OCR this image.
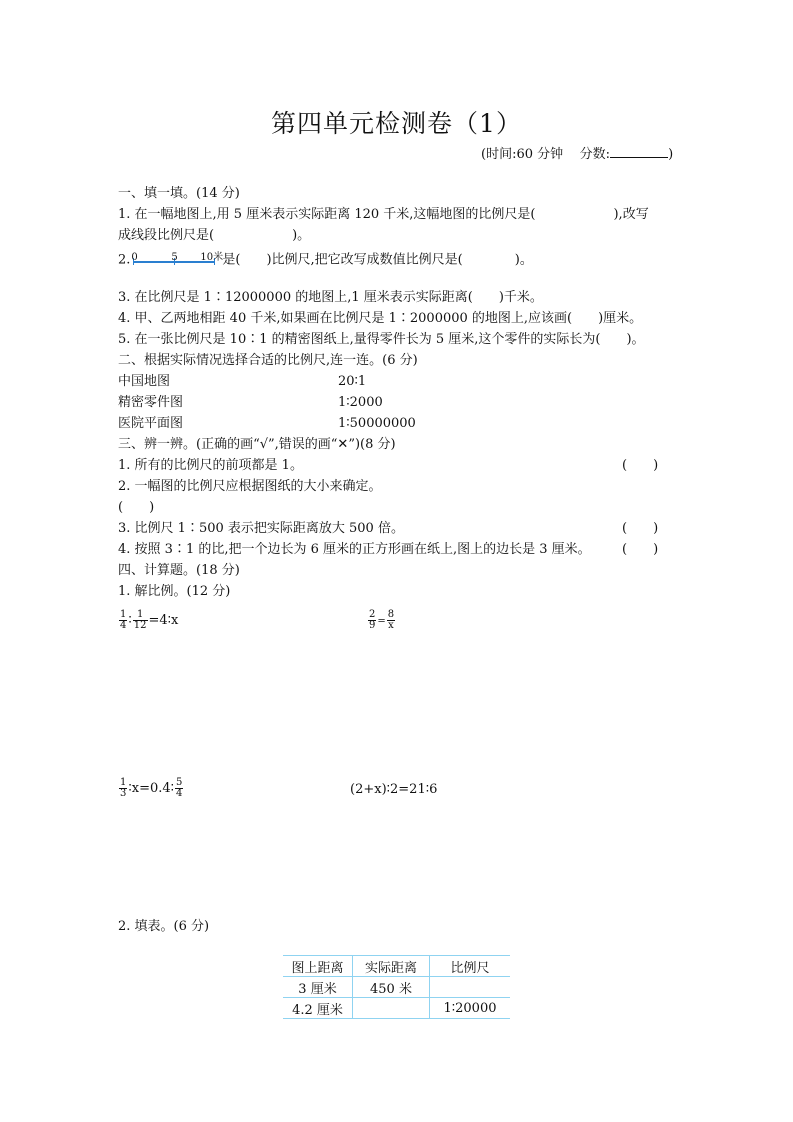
第四单元检测卷（1）
(时间:60 分钟 分数:	)
一、填一填。(14 分)
1. 在一幅地图上,用 5 厘米表示实际距离 120 千米,这幅地图的比例尺是(　　　　　　),改写
成线段比例尺是(　　　　　　)。
2. 0	5 10米 是(　　)比例尺,把它改写成数值比例尺是(　　　　)。
3. 在比例尺是 1∶12000000 的地图上,1 厘米表示实际距离(　　)千米。
4. 甲、乙两地相距 40 千米,如果画在比例尺是 1∶2000000 的地图上,应该画(　　)厘米。
5. 在一张比例尺是 10∶1 的精密图纸上,量得零件长为 5 厘米,这个零件的实际长为(　　)。
二、根据实际情况选择合适的比例尺,连一连。(6 分)
中国地图	20∶1
精密零件图	1∶2000
医院平面图	1∶50000000
三、辨一辨。(正确的画“√”,错误的画“✕”)(8 分)
1. 所有的比例尺的前项都是 1。	(　　)
2. 一幅图的比例尺应根据图纸的大小来确定。
(　　)
3. 比例尺 1∶500 表示把实际距离放大 500 倍。	(　　)
4. 按照 3∶1 的比,把一个边长为 6 厘米的正方形画在纸上,图上的边长是 3 厘米。 (　　)
四、计算题。(18 分)
1. 解比例。(12 分)
$\frac{1}{4}$ ∶ $\frac{1}{12}$ =4∶x	$\frac{2}{9} = \frac{8}{x}$
$\frac{1}{3}$ ∶x=0.4∶ $\frac{5}{4}$	(2+x)∶2=21∶6
2. 填表。(6 分)
图上距离	实际距离	比例尺
3 厘米	450 米	
4.2 厘米		1∶20000
